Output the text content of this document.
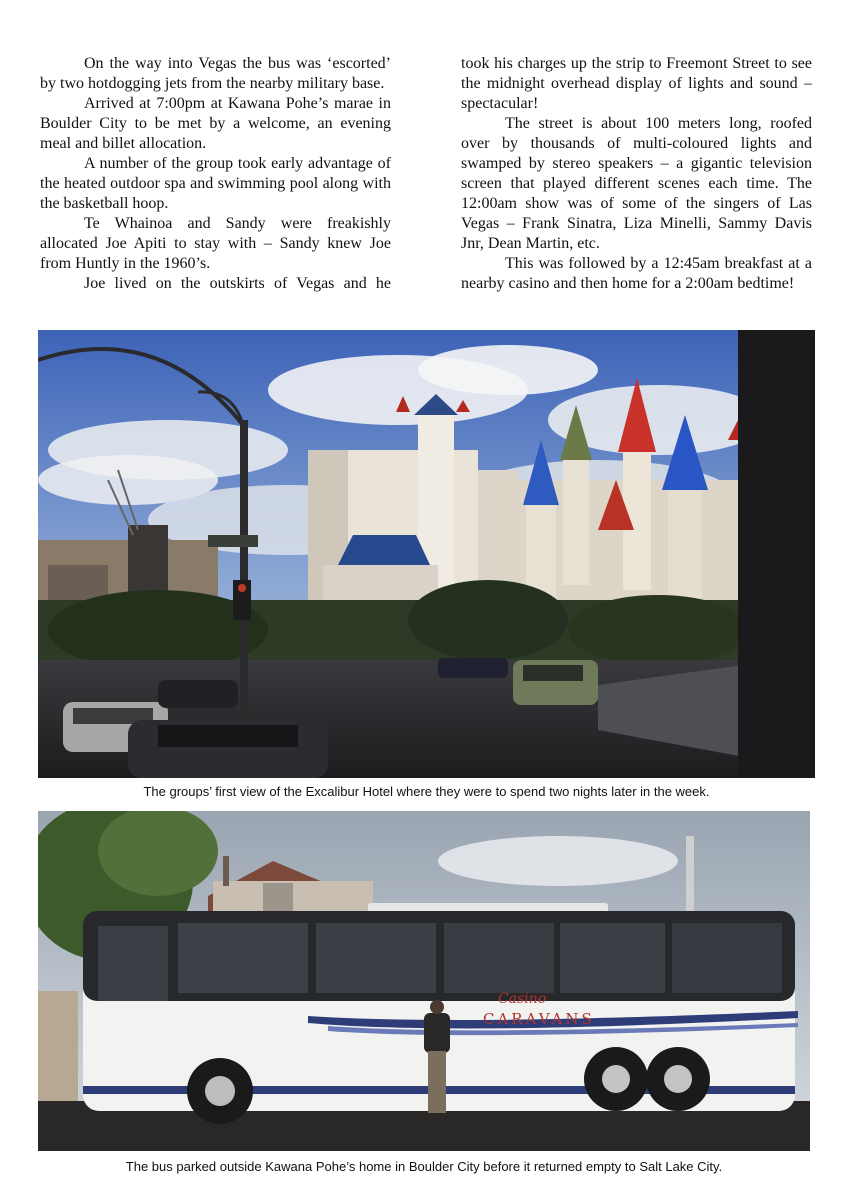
On the way into Vegas the bus was ‘escorted’ by two hotdogging jets from the nearby military base.

Arrived at 7:00pm at Kawana Pohe’s marae in Boulder City to be met by a welcome, an evening meal and billet allocation.

A number of the group took early advantage of the heated outdoor spa and swimming pool along with the basketball hoop.

Te Whainoa and Sandy were freakishly allocated Joe Apiti to stay with – Sandy knew Joe from Huntly in the 1960’s.

Joe lived on the outskirts of Vegas and he

took his charges up the strip to Freemont Street to see the midnight overhead display of lights and sound – spectacular!

The street is about 100 meters long, roofed over by thousands of multi-coloured lights and swamped by stereo speakers – a gigantic television screen that played different scenes each time. The 12:00am show was of some of the singers of Las Vegas – Frank Sinatra, Liza Minelli, Sammy Davis Jnr, Dean Martin, etc.

This was followed by a 12:45am breakfast at a nearby casino and then home for a 2:00am bedtime!

The groups’ first view of the Excalibur Hotel where they were to spend two nights later in the week.
Casino
CARAVANS
The bus parked outside Kawana Pohe’s home in Boulder City before it returned empty to Salt Lake City.
